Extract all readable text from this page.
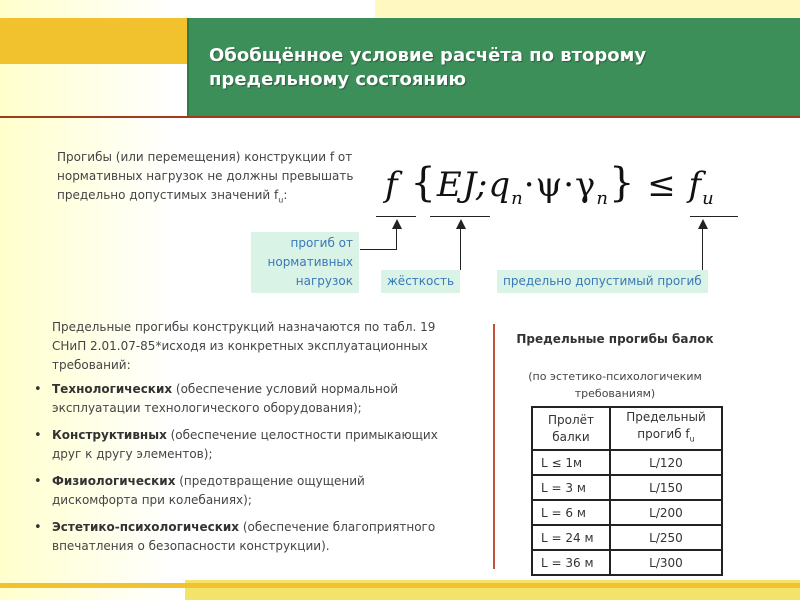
Обобщённое условие расчёта по второму предельному состоянию
Прогибы (или перемещения) конструкции f от нормативных нагрузок не должны превышать предельно допустимых значений $f_u$:	f $\{EJ;q_n\cdot\psi\cdot\gamma_n\} \le f_u$
прогиб от нормативных нагрузок	жёсткость	предельно допустимый прогиб
Предельные прогибы конструкций назначаются по табл. 19 СНиП 2.01.07-85*исходя из конкретных эксплуатационных требований:
• Технологических (обеспечение условий нормальной эксплуатации технологического оборудования);
• Конструктивных (обеспечение целостности примыкающих друг к другу элементов);
• Физиологических (предотвращение ощущений дискомфорта при колебаниях);
• Эстетико-психологических (обеспечение благоприятного впечатления о безопасности конструкции).
Предельные прогибы балок
(по эстетико-психологичеким требованиям)
Пролёт балки	Предельный прогиб $f_u$
L ≤ 1м	L/120
L = 3 м	L/150
L = 6 м	L/200
L = 24 м	L/250
L = 36 м	L/300
